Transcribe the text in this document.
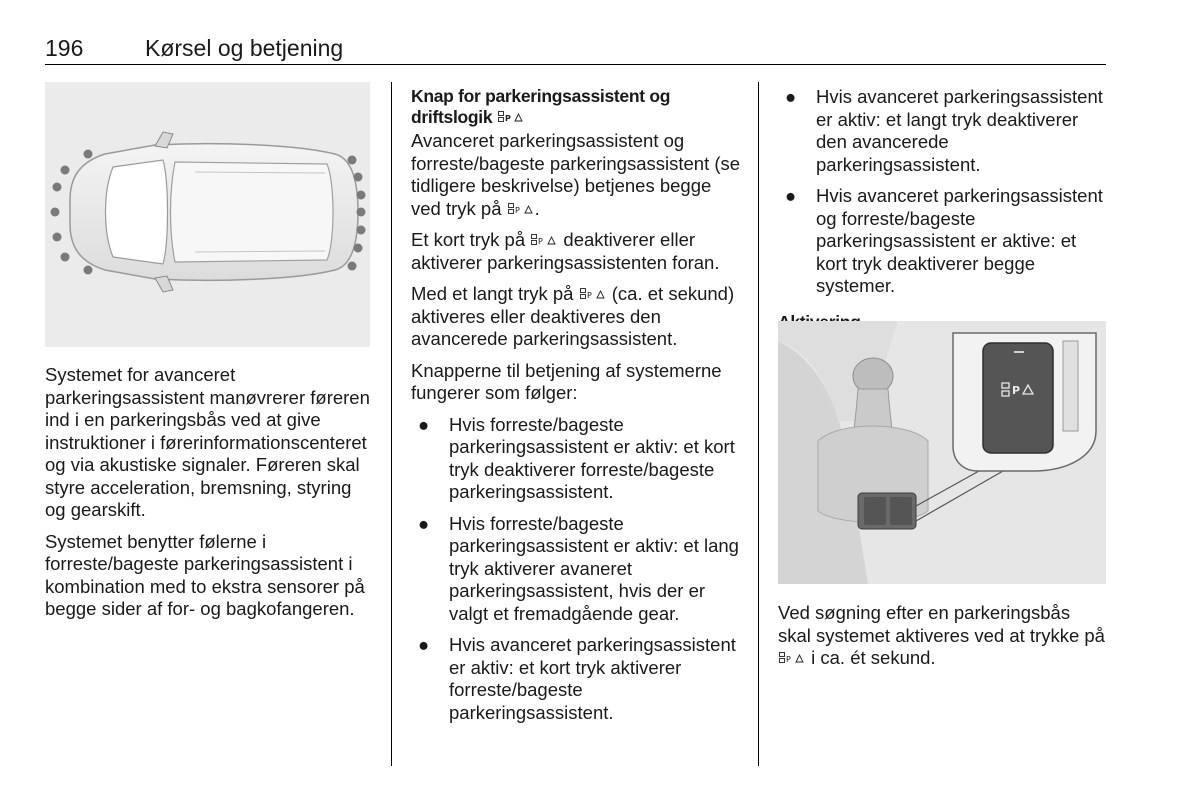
196	Kørsel og betjening

Systemet for avanceret parkeringsassistent manøvrerer føreren ind i en parkeringsbås ved at give instruktioner i førerinformationscenteret og via akustiske signaler. Føreren skal styre acceleration, bremsning, styring og gearskift.

Systemet benytter følerne i forreste/bageste parkeringsassistent i kombination med to ekstra sensorer på begge sider af for- og bagkofangeren.

Knap for parkeringsassistent og driftslogik P

Avanceret parkeringsassistent og forreste/bageste parkeringsassistent (se tidligere beskrivelse) betjenes begge ved tryk på P .

Et kort tryk på P deaktiverer eller aktiverer parkeringsassistenten foran.

Med et langt tryk på P (ca. et sekund) aktiveres eller deaktiveres den avancerede parkeringsassistent.

Knapperne til betjening af systemerne fungerer som følger:

● Hvis forreste/bageste parkeringsassistent er aktiv: et kort tryk deaktiverer forreste/bageste parkeringsassistent.
● Hvis forreste/bageste parkeringsassistent er aktiv: et lang tryk aktiverer avaneret parkeringsassistent, hvis der er valgt et fremadgående gear.
● Hvis avanceret parkeringsassistent er aktiv: et kort tryk aktiverer forreste/bageste parkeringsassistent.
● Hvis avanceret parkeringsassistent er aktiv: et langt tryk deaktiverer den avancerede parkeringsassistent.
● Hvis avanceret parkeringsassistent og forreste/bageste parkeringsassistent er aktive: et kort tryk deaktiverer begge systemer.
P

Ved søgning efter en parkeringsbås skal systemet aktiveres ved at trykke på
P i ca. ét sekund.
